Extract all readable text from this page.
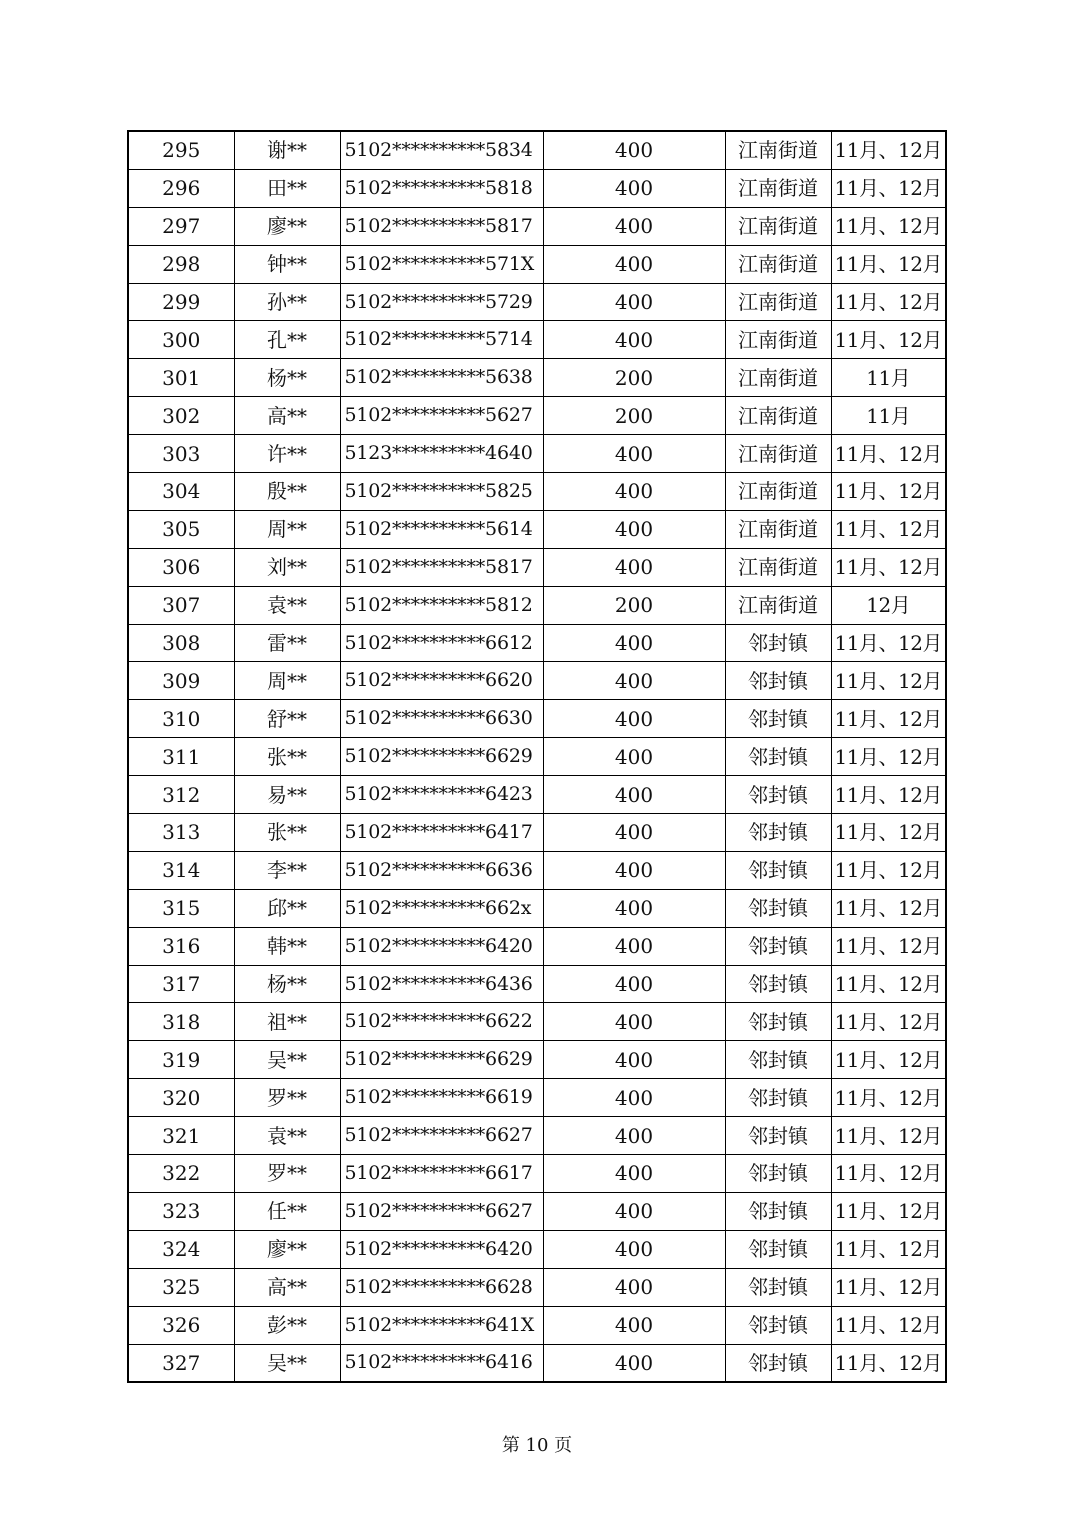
295	谢**	5102**********5834	400	江南街道	11月、12月
296	田**	5102**********5818	400	江南街道	11月、12月
297	廖**	5102**********5817	400	江南街道	11月、12月
298	钟**	5102**********571X	400	江南街道	11月、12月
299	孙**	5102**********5729	400	江南街道	11月、12月
300	孔**	5102**********5714	400	江南街道	11月、12月
301	杨**	5102**********5638	200	江南街道	11月
302	高**	5102**********5627	200	江南街道	11月
303	许**	5123**********4640	400	江南街道	11月、12月
304	殷**	5102**********5825	400	江南街道	11月、12月
305	周**	5102**********5614	400	江南街道	11月、12月
306	刘**	5102**********5817	400	江南街道	11月、12月
307	袁**	5102**********5812	200	江南街道	12月
308	雷**	5102**********6612	400	邻封镇	11月、12月
309	周**	5102**********6620	400	邻封镇	11月、12月
310	舒**	5102**********6630	400	邻封镇	11月、12月
311	张**	5102**********6629	400	邻封镇	11月、12月
312	易**	5102**********6423	400	邻封镇	11月、12月
313	张**	5102**********6417	400	邻封镇	11月、12月
314	李**	5102**********6636	400	邻封镇	11月、12月
315	邱**	5102**********662x	400	邻封镇	11月、12月
316	韩**	5102**********6420	400	邻封镇	11月、12月
317	杨**	5102**********6436	400	邻封镇	11月、12月
318	祖**	5102**********6622	400	邻封镇	11月、12月
319	吴**	5102**********6629	400	邻封镇	11月、12月
320	罗**	5102**********6619	400	邻封镇	11月、12月
321	袁**	5102**********6627	400	邻封镇	11月、12月
322	罗**	5102**********6617	400	邻封镇	11月、12月
323	任**	5102**********6627	400	邻封镇	11月、12月
324	廖**	5102**********6420	400	邻封镇	11月、12月
325	高**	5102**********6628	400	邻封镇	11月、12月
326	彭**	5102**********641X	400	邻封镇	11月、12月
327	吴**	5102**********6416	400	邻封镇	11月、12月
第 10 页
